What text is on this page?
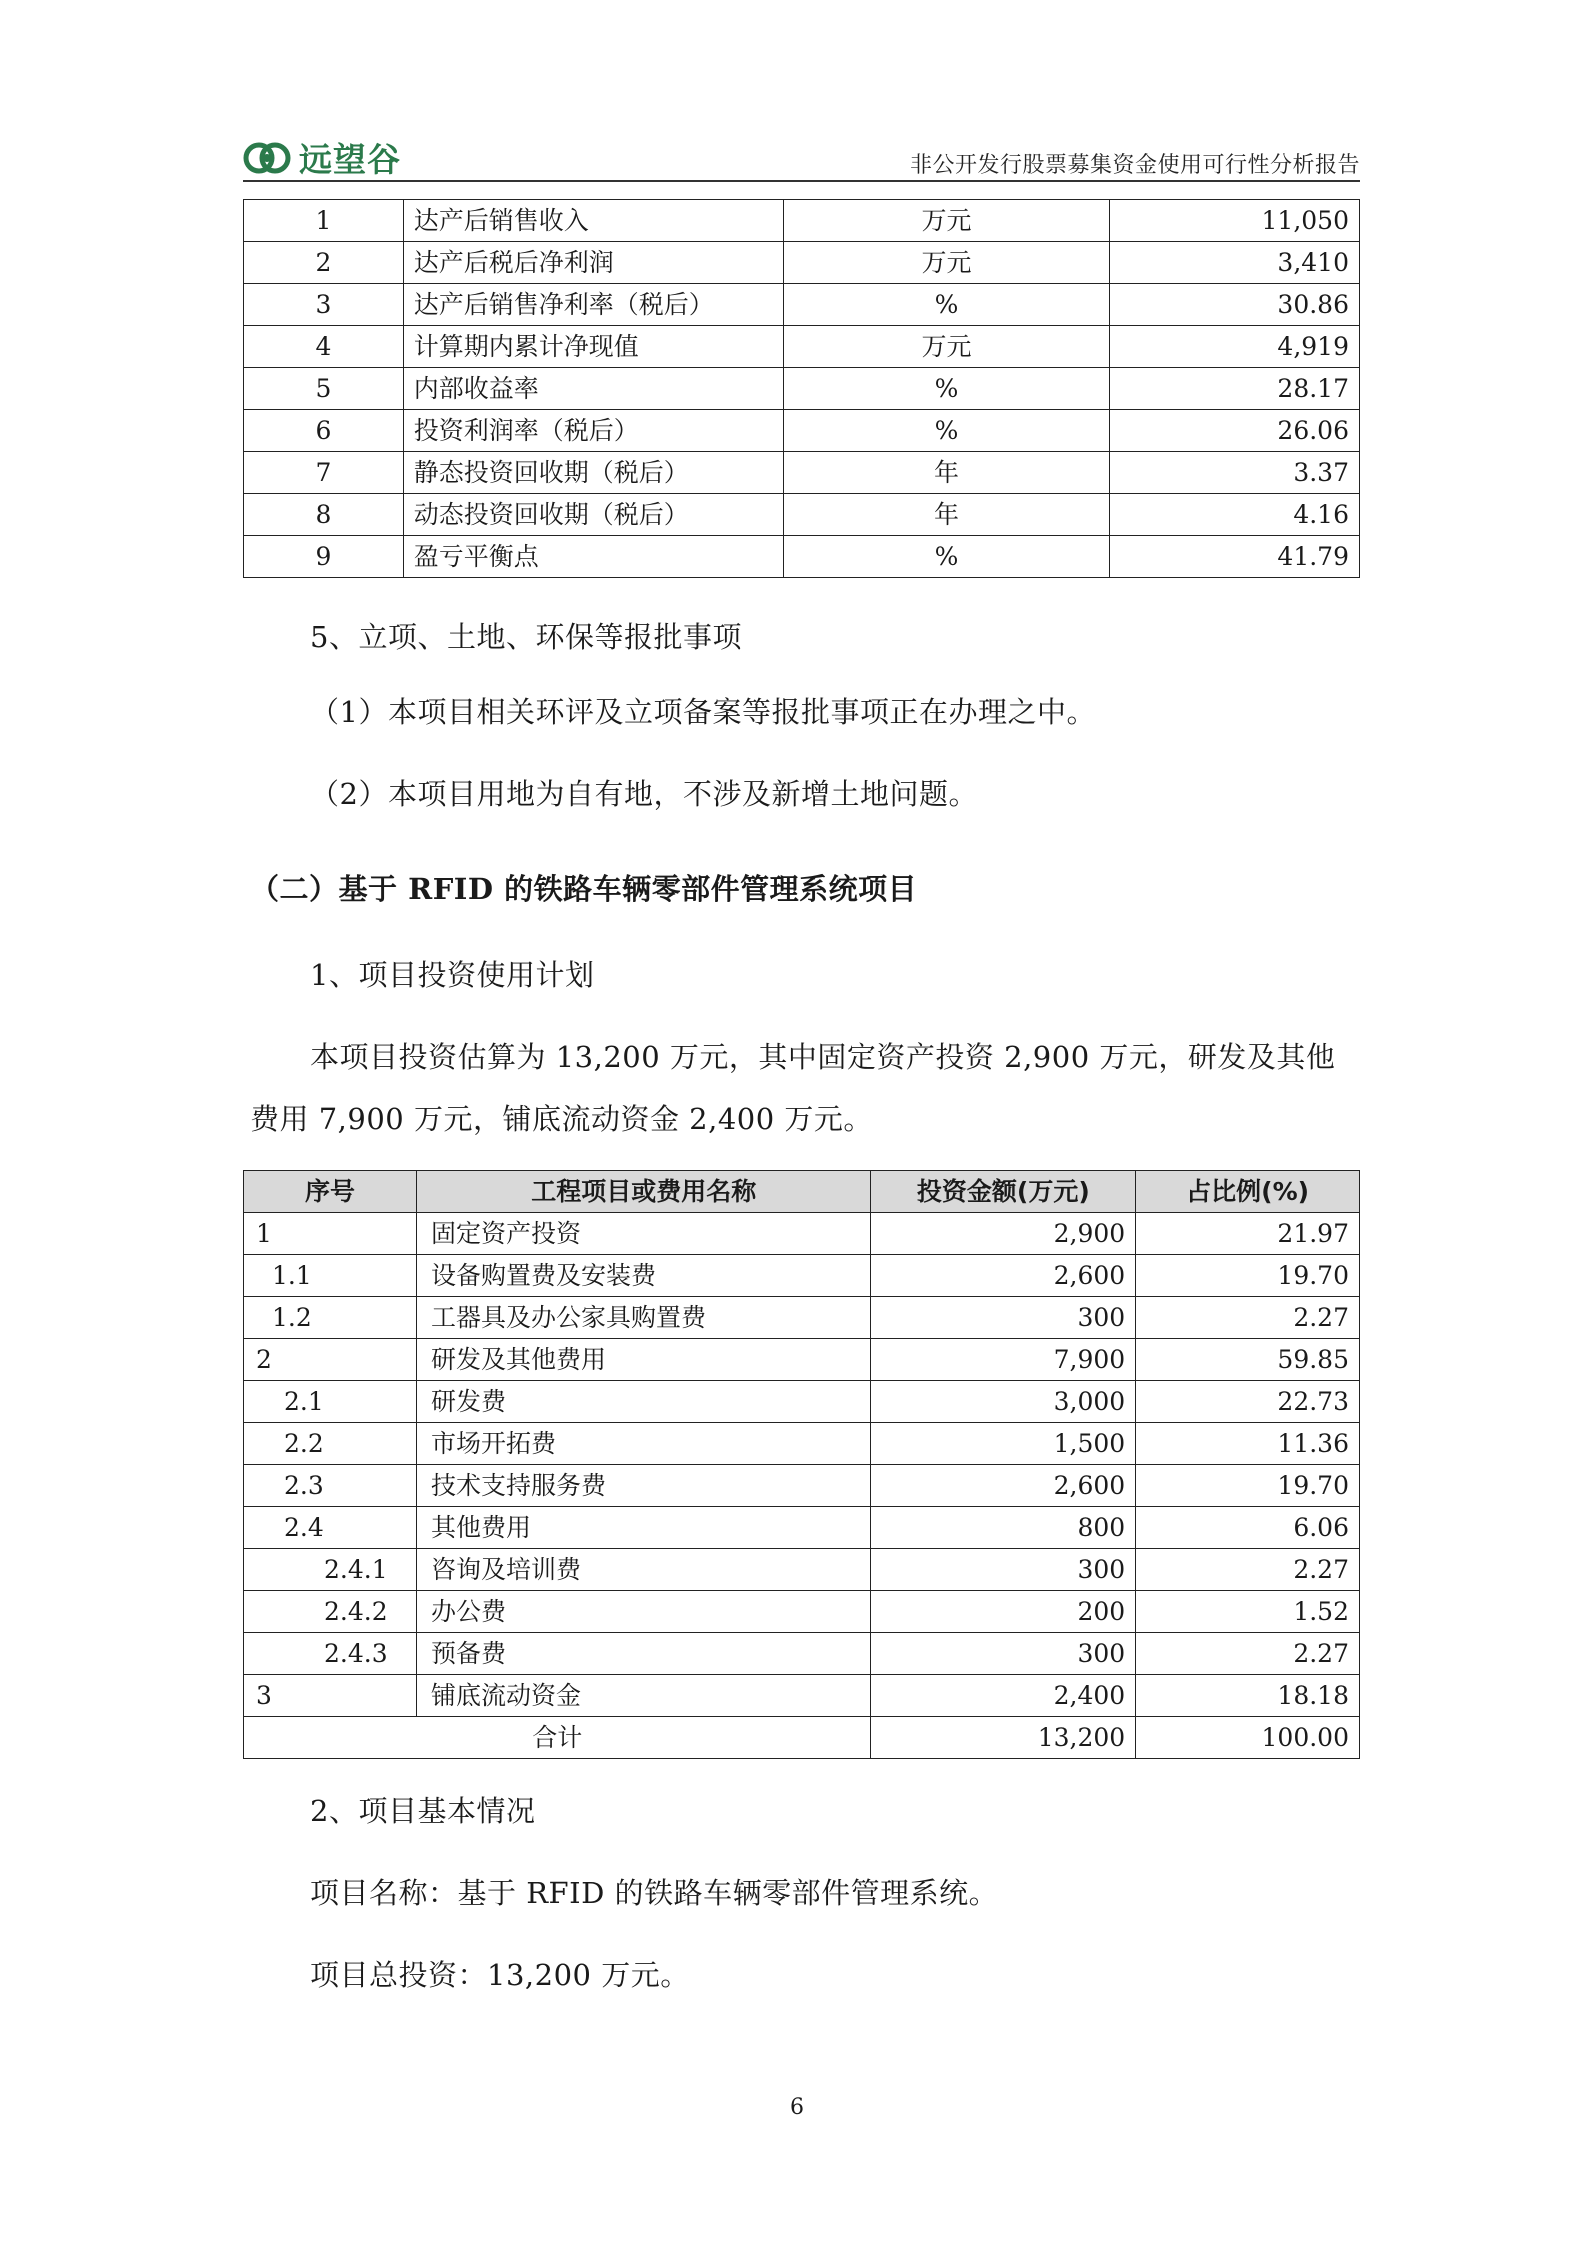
远望谷	非公开发行股票募集资金使用可行性分析报告
1	达产后销售收入	万元	11,050
2	达产后税后净利润	万元	3,410
3	达产后销售净利率（税后）	%	30.86
4	计算期内累计净现值	万元	4,919
5	内部收益率	%	28.17
6	投资利润率（税后）	%	26.06
7	静态投资回收期（税后）	年	3.37
8	动态投资回收期（税后）	年	4.16
9	盈亏平衡点	%	41.79
5、立项、土地、环保等报批事项
（1）本项目相关环评及立项备案等报批事项正在办理之中。
（2）本项目用地为自有地，不涉及新增土地问题。
（二）基于 RFID 的铁路车辆零部件管理系统项目
1、项目投资使用计划
本项目投资估算为 13,200 万元，其中固定资产投资 2,900 万元，研发及其他
费用 7,900 万元，铺底流动资金 2,400 万元。
序号	工程项目或费用名称	投资金额(万元)	占比例(%)
1	固定资产投资	2,900	21.97
1.1	设备购置费及安装费	2,600	19.70
1.2	工器具及办公家具购置费	300	2.27
2	研发及其他费用	7,900	59.85
2.1	研发费	3,000	22.73
2.2	市场开拓费	1,500	11.36
2.3	技术支持服务费	2,600	19.70
2.4	其他费用	800	6.06
2.4.1	咨询及培训费	300	2.27
2.4.2	办公费	200	1.52
2.4.3	预备费	300	2.27
3	铺底流动资金	2,400	18.18
合计		13,200	100.00
2、项目基本情况
项目名称：基于 RFID 的铁路车辆零部件管理系统。
项目总投资：13,200 万元。
6
